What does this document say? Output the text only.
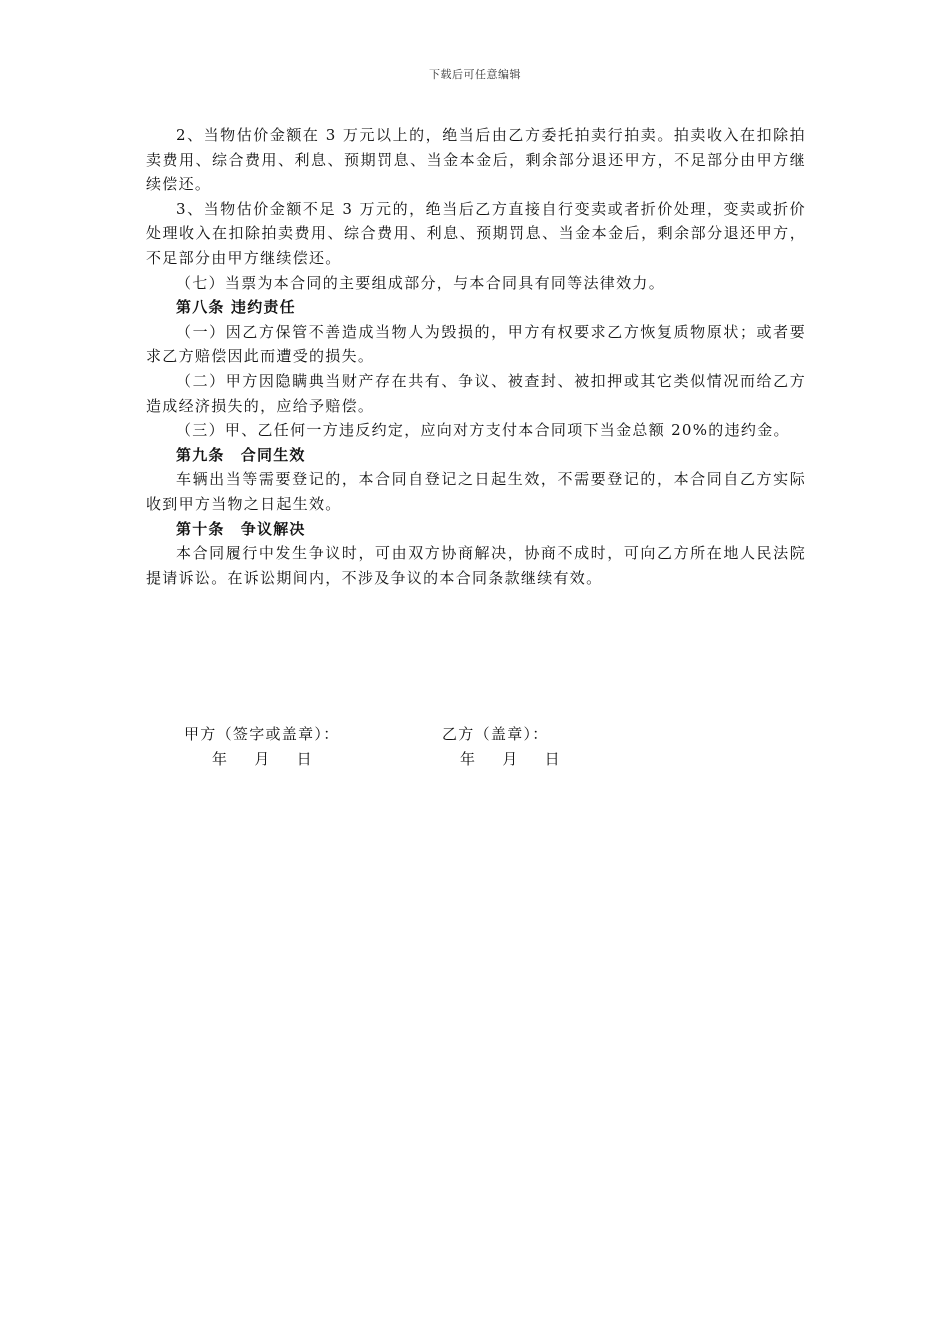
下载后可任意编辑

2、当物估价金额在 3 万元以上的，绝当后由乙方委托拍卖行拍卖。拍卖收入在扣除拍卖费用、综合费用、利息、预期罚息、当金本金后，剩余部分退还甲方，不足部分由甲方继续偿还。

3、当物估价金额不足 3 万元的，绝当后乙方直接自行变卖或者折价处理，变卖或折价处理收入在扣除拍卖费用、综合费用、利息、预期罚息、当金本金后，剩余部分退还甲方，不足部分由甲方继续偿还。

（七）当票为本合同的主要组成部分，与本合同具有同等法律效力。

第八条 违约责任

（一）因乙方保管不善造成当物人为毁损的，甲方有权要求乙方恢复质物原状；或者要求乙方赔偿因此而遭受的损失。

（二）甲方因隐瞒典当财产存在共有、争议、被查封、被扣押或其它类似情况而给乙方造成经济损失的，应给予赔偿。

（三）甲、乙任何一方违反约定，应向对方支付本合同项下当金总额 20%的违约金。

第九条　合同生效

车辆出当等需要登记的，本合同自登记之日起生效，不需要登记的，本合同自乙方实际收到甲方当物之日起生效。

第十条　争议解决

本合同履行中发生争议时，可由双方协商解决，协商不成时，可向乙方所在地人民法院提请诉讼。在诉讼期间内，不涉及争议的本合同条款继续有效。

甲方（签字或盖章）：	乙方（盖章）：
年 月 日	年 月 日
